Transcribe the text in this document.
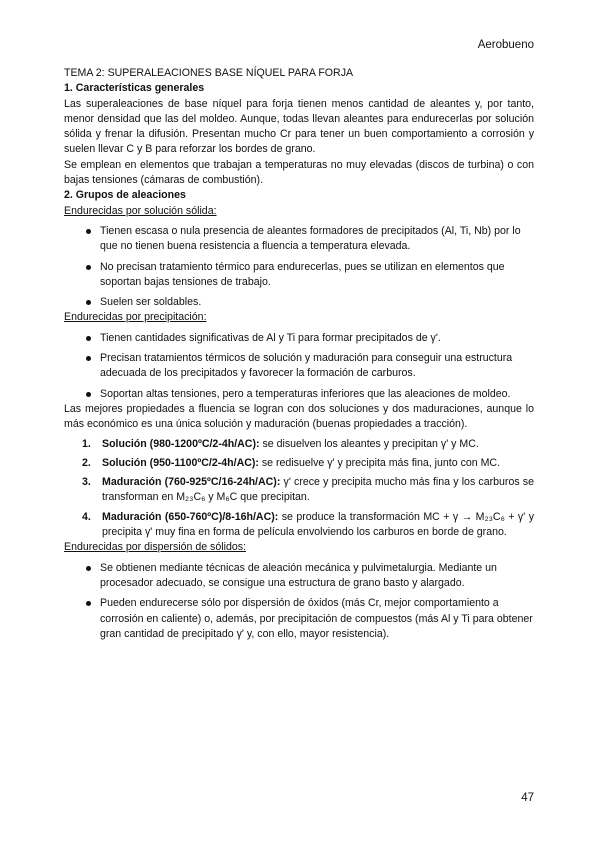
Aerobueno

TEMA 2: SUPERALEACIONES BASE NÍQUEL PARA FORJA

1. Características generales

Las superaleaciones de base níquel para forja tienen menos cantidad de aleantes y, por tanto, menor densidad que las del moldeo. Aunque, todas llevan aleantes para endurecerlas por solución sólida y frenar la difusión. Presentan mucho Cr para tener un buen comportamiento a corrosión y suelen llevar C y B para reforzar los bordes de grano.

Se emplean en elementos que trabajan a temperaturas no muy elevadas (discos de turbina) o con bajas tensiones (cámaras de combustión).

2. Grupos de aleaciones

Endurecidas por solución sólida:

Tienen escasa o nula presencia de aleantes formadores de precipitados (Al, Ti, Nb) por lo que no tienen buena resistencia a fluencia a temperatura elevada.
No precisan tratamiento térmico para endurecerlas, pues se utilizan en elementos que soportan bajas tensiones de trabajo.
Suelen ser soldables.

Endurecidas por precipitación:

Tienen cantidades significativas de Al y Ti para formar precipitados de γ'.
Precisan tratamientos térmicos de solución y maduración para conseguir una estructura adecuada de los precipitados y favorecer la formación de carburos.
Soportan altas tensiones, pero a temperaturas inferiores que las aleaciones de moldeo.

Las mejores propiedades a fluencia se logran con dos soluciones y dos maduraciones, aunque lo más económico es una única solución y maduración (buenas propiedades a tracción).

1. Solución (980-1200ºC/2-4h/AC): se disuelven los aleantes y precipitan γ' y MC.
2. Solución (950-1100ºC/2-4h/AC): se redisuelve γ' y precipita más fina, junto con MC.
3. Maduración (760-925ºC/16-24h/AC): γ' crece y precipita mucho más fina y los carburos se transforman en M₂₃C₆ y M₆C que precipitan.
4. Maduración (650-760ºC)/8-16h/AC): se produce la transformación MC + γ → M₂₃C₆ + γ' y precipita γ' muy fina en forma de película envolviendo los carburos en borde de grano.

Endurecidas por dispersión de sólidos:

Se obtienen mediante técnicas de aleación mecánica y pulvimetalurgia. Mediante un procesador adecuado, se consigue una estructura de grano basto y alargado.
Pueden endurecerse sólo por dispersión de óxidos (más Cr, mejor comportamiento a corrosión en caliente) o, además, por precipitación de compuestos (más Al y Ti para obtener gran cantidad de precipitado γ' y, con ello, mayor resistencia).
47
